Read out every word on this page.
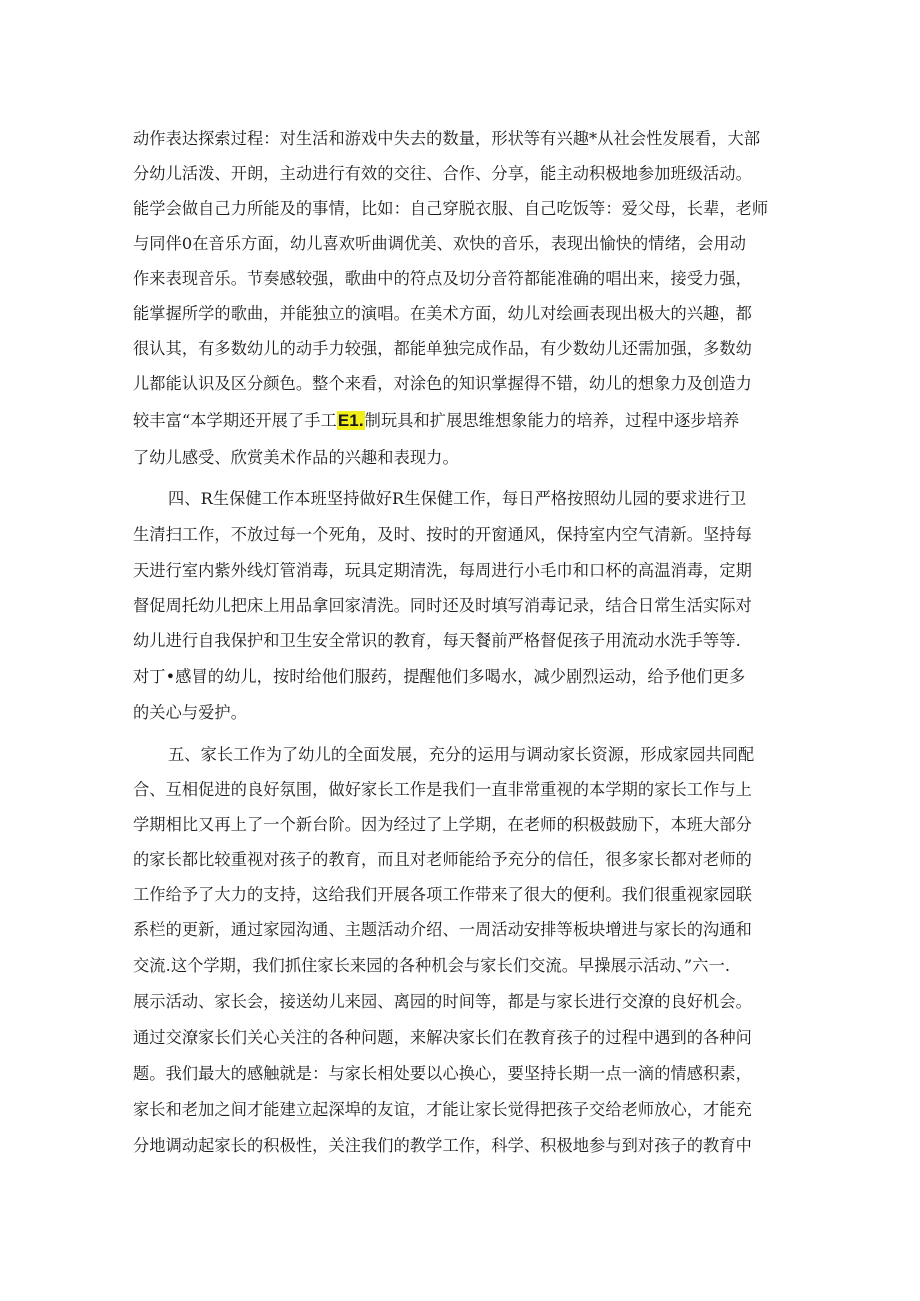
动作表达探索过程：对生活和游戏中失去的数量，形状等有兴趣*从社会性发展看，大部
分幼儿活泼、开朗，主动进行有效的交往、合作、分享，能主动积极地参加班级活动。
能学会做自己力所能及的事情，比如：自己穿脱衣服、自己吃饭等：爱父母，长辈，老师
与同伴0在音乐方面，幼儿喜欢听曲调优美、欢快的音乐，表现出愉快的情绪，会用动
作来表现音乐。节奏感较强，歌曲中的符点及切分音符都能准确的唱出来，接受力强，
能掌握所学的歌曲，并能独立的演唱。在美术方面，幼儿对绘画表现出极大的兴趣，都
很认其，有多数幼儿的动手力较强，都能单独完成作品，有少数幼儿还需加强，多数幼
儿都能认识及区分颜色。整个来看，对涂色的知识掌握得不错，幼儿的想象力及创造力
较丰富“本学期还开展了手工E1.制玩具和扩展思维想象能力的培养，过程中逐步培养
了幼儿感受、欣赏美术作品的兴趣和表现力。
四、R生保健工作本班坚持做好R生保健工作，每日严格按照幼儿园的要求进行卫
生清扫工作，不放过每一个死角，及时、按时的开窗通风，保持室内空气清新。坚持每
天进行室内紫外线灯管消毒，玩具定期清洗，每周进行小毛巾和口杯的高温消毒，定期
督促周托幼儿把床上用品拿回家清洗。同时还及时填写消毒记录，结合日常生活实际对
幼儿进行自我保护和卫生安全常识的教育，每天餐前严格督促孩子用流动水洗手等等.
对丁•感冒的幼儿，按时给他们服药，提醒他们多喝水，减少剧烈运动，给予他们更多
的关心与爱护。
五、家长工作为了幼儿的全面发展，充分的运用与调动家长资源，形成家园共同配
合、互相促进的良好氛围，做好家长工作是我们一直非常重视的本学期的家长工作与上
学期相比又再上了一个新台阶。因为经过了上学期，在老师的积极鼓励下，本班大部分
的家长都比较重视对孩子的教育，而且对老师能给予充分的信任，很多家长都对老师的
工作给予了大力的支持，这给我们开展各项工作带来了很大的便利。我们很重视家园联
系栏的更新，通过家园沟通、主题活动介绍、一周活动安排等板块增进与家长的沟通和
交流.这个学期，我们抓住家长来园的各种机会与家长们交流。早操展示活动、”六一.
展示活动、家长会，接送幼儿来园、离园的时间等，都是与家长进行交潦的良好机会。
通过交潦家长们关心关注的各种问题，来解决家长们在教育孩子的过程中遇到的各种问
题。我们最大的感触就是：与家长相处要以心换心，要坚持长期一点一滴的情感积素，
家长和老加之间才能建立起深埠的友谊，才能让家长觉得把孩子交给老师放心，才能充
分地调动起家长的积极性，关注我们的教学工作，科学、积极地参与到对孩子的教育中
